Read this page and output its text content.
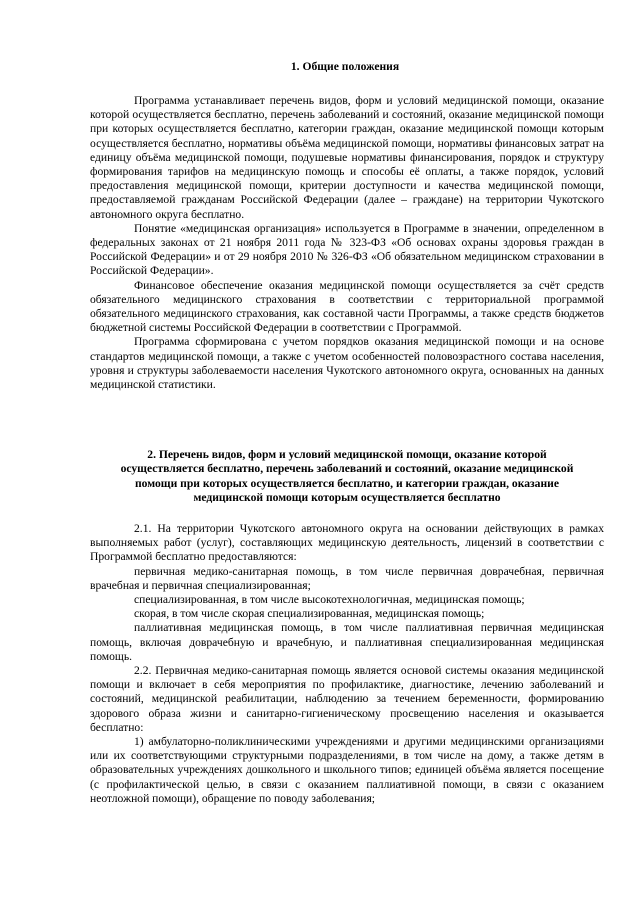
1. Общие положения

Программа устанавливает перечень видов, форм и условий медицинской помощи, оказание которой осуществляется бесплатно, перечень заболеваний и состояний, оказание медицинской помощи при которых осуществляется бесплатно, категории граждан, оказание медицинской помощи которым осуществляется бесплатно, нормативы объёма медицинской помощи, нормативы финансовых затрат на единицу объёма медицинской помощи, подушевые нормативы финансирования, порядок и структуру формирования тарифов на медицинскую помощь и способы её оплаты, а также порядок, условий предоставления медицинской помощи, критерии доступности и качества медицинской помощи, предоставляемой гражданам Российской Федерации (далее – граждане) на территории Чукотского автономного округа бесплатно.

Понятие «медицинская организация» используется в Программе в значении, определенном в федеральных законах от 21 ноября 2011 года № 323-ФЗ «Об основах охраны здоровья граждан в Российской Федерации» и от 29 ноября 2010 № 326-ФЗ «Об обязательном медицинском страховании в Российской Федерации».

Финансовое обеспечение оказания медицинской помощи осуществляется за счёт средств обязательного медицинского страхования в соответствии с территориальной программой обязательного медицинского страхования, как составной части Программы, а также средств бюджетов бюджетной системы Российской Федерации в соответствии с Программой.

Программа сформирована с учетом порядков оказания медицинской помощи и на основе стандартов медицинской помощи, а также с учетом особенностей половозрастного состава населения, уровня и структуры заболеваемости населения Чукотского автономного округа, основанных на данных медицинской статистики.

2. Перечень видов, форм и условий медицинской помощи, оказание которой
осуществляется бесплатно, перечень заболеваний и состояний, оказание медицинской
помощи при которых осуществляется бесплатно, и категории граждан, оказание
медицинской помощи которым осуществляется бесплатно

2.1. На территории Чукотского автономного округа на основании действующих в рамках выполняемых работ (услуг), составляющих медицинскую деятельность, лицензий в соответствии с Программой бесплатно предоставляются:

первичная медико-санитарная помощь, в том числе первичная доврачебная, первичная врачебная и первичная специализированная;

специализированная, в том числе высокотехнологичная, медицинская помощь;

скорая, в том числе скорая специализированная, медицинская помощь;

паллиативная медицинская помощь, в том числе паллиативная первичная медицинская помощь, включая доврачебную и врачебную, и паллиативная специализированная медицинская помощь.

2.2. Первичная медико-санитарная помощь является основой системы оказания медицинской помощи и включает в себя мероприятия по профилактике, диагностике, лечению заболеваний и состояний, медицинской реабилитации, наблюдению за течением беременности, формированию здорового образа жизни и санитарно-гигиеническому просвещению населения и оказывается бесплатно:

1) амбулаторно-поликлиническими учреждениями и другими медицинскими организациями или их соответствующими структурными подразделениями, в том числе на дому, а также детям в образовательных учреждениях дошкольного и школьного типов; единицей объёма является посещение (с профилактической целью, в связи с оказанием паллиативной помощи, в связи с оказанием неотложной помощи), обращение по поводу заболевания;
